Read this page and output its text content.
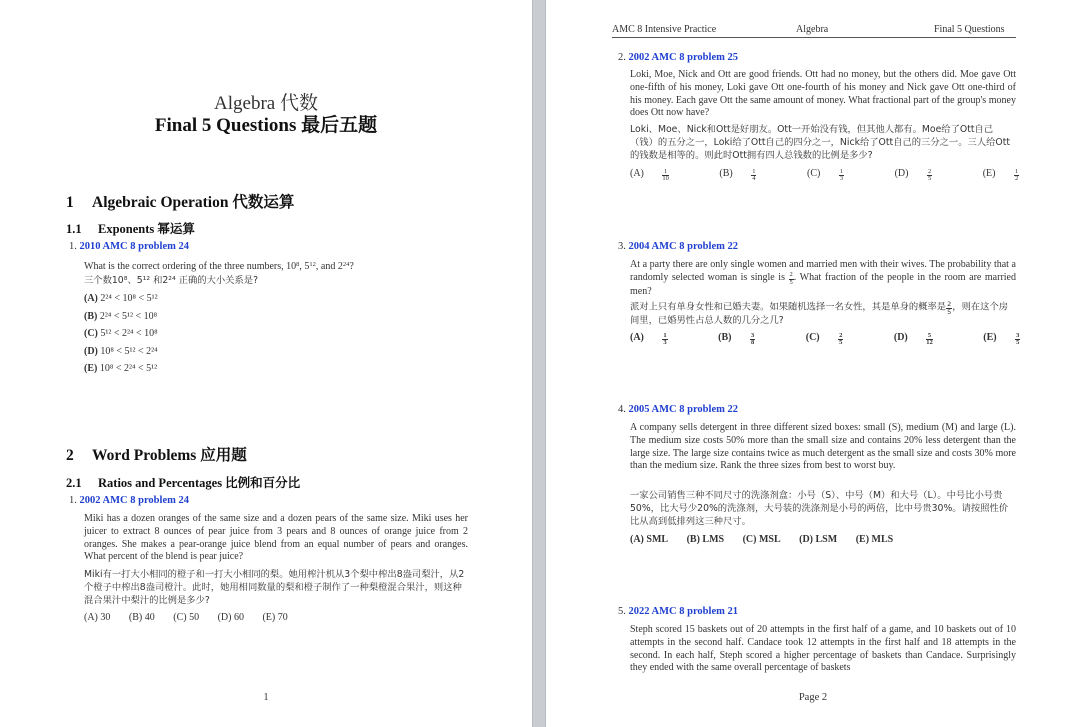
Algebra 代数
Final 5 Questions 最后五题
1 Algebraic Operation 代数运算
1.1 Exponents 幂运算
1. 2010 AMC 8 problem 24
What is the correct ordering of the three numbers, $10^8$, $5^{12}$, and $2^{24}$?
三个数10⁸、5¹² 和2²⁴ 正确的大小关系是?
(A) 2²⁴ < 10⁸ < 5¹²
(B) 2²⁴ < 5¹² < 10⁸
(C) 5¹² < 2²⁴ < 10⁸
(D) 10⁸ < 5¹² < 2²⁴
(E) 10⁸ < 2²⁴ < 5¹²
2 Word Problems 应用题
2.1 Ratios and Percentages 比例和百分比
1. 2002 AMC 8 problem 24
Miki has a dozen oranges of the same size and a dozen pears of the same size. Miki uses her juicer to extract 8 ounces of pear juice from 3 pears and 8 ounces of orange juice from 2 oranges. She makes a pear-orange juice blend from an equal number of pears and oranges. What percent of the blend is pear juice?
Miki有一打大小相同的橙子和一打大小相同的梨。她用榨汁机从3个梨中榨出8盎司梨汁，从2个橙子中榨出8盎司橙汁。此时，她用相同数量的梨和橙子制作了一种梨橙混合果汁，则这种混合果汁中梨汁的比例是多少?
(A) 30 (B) 40 (C) 50 (D) 60 (E) 70
1
AMC 8 Intensive Practice	Algebra	Final 5 Questions
2. 2002 AMC 8 problem 25
Loki, Moe, Nick and Ott are good friends. Ott had no money, but the others did. Moe gave Ott one-fifth of his money, Loki gave Ott one-fourth of his money and Nick gave Ott one-third of his money. Each gave Ott the same amount of money. What fractional part of the group's money does Ott now have?
Loki、Moe、Nick和Ott是好朋友。Ott一开始没有钱，但其他人都有。Moe给了Ott自己（钱）的五分之一，Loki给了Ott自己的四分之一，Nick给了Ott自己的三分之一。三人给Ott的钱数是相等的。则此时Ott拥有四人总钱数的比例是多少?
(A)	$\frac{1}{10}$	(B)	$\frac{1}{4}$	(C)	$\frac{1}{3}$	(D)	$\frac{2}{5}$	(E)	$\frac{1}{2}$
3. 2004 AMC 8 problem 22
At a party there are only single women and married men with their wives. The probability that a randomly selected woman is single is $\frac{2}{5}$ . What fraction of the people in the room are married men?
派对上只有单身女性和已婚夫妻。如果随机选择一名女性，其是单身的概率是 $\frac{2}{5}$ ，则在这个房间里，已婚男性占总人数的几分之几?
(A)	$\frac{1}{3}$	(B)	$\frac{3}{8}$	(C)	$\frac{2}{5}$	(D)	$\frac{5}{12}$	(E)	$\frac{3}{5}$
4. 2005 AMC 8 problem 22
A company sells detergent in three different sized boxes: small (S), medium (M) and large (L). The medium size costs 50% more than the small size and contains 20% less detergent than the large size. The large size contains twice as much detergent as the small size and costs 30% more than the medium size. Rank the three sizes from best to worst buy.
一家公司销售三种不同尺寸的洗涤剂盒：小号（S）、中号（M）和大号（L）。中号比小号贵50%，比大号少20%的洗涤剂，大号装的洗涤剂是小号的两倍，比中号贵30%。请按照性价比从高到低排列这三种尺寸。
(A) SML (B) LMS (C) MSL (D) LSM (E) MLS
5. 2022 AMC 8 problem 21
Steph scored 15 baskets out of 20 attempts in the first half of a game, and 10 baskets out of 10 attempts in the second half. Candace took 12 attempts in the first half and 18 attempts in the second. In each half, Steph scored a higher percentage of baskets than Candace. Surprisingly they ended with the same overall percentage of baskets
Page 2
